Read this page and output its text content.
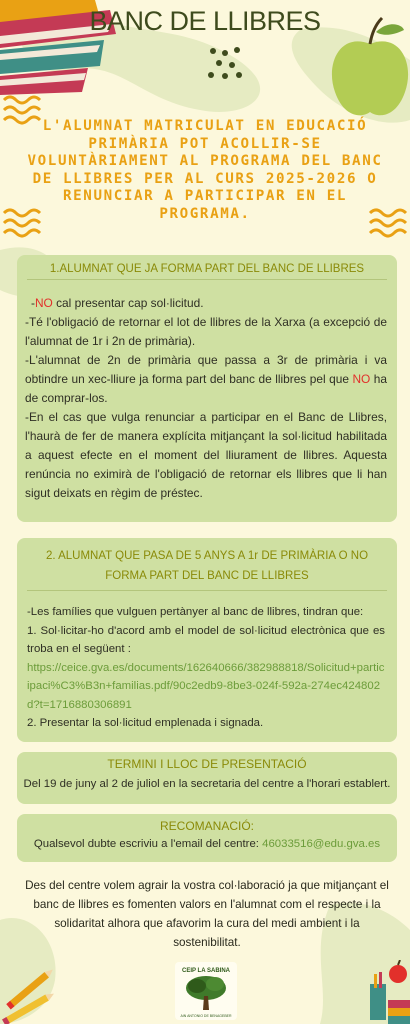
BANC DE LLIBRES
L'ALUMNAT MATRICULAT EN EDUCACIÓ PRIMÀRIA POT ACOLLIR-SE VOLUNTÀRIAMENT AL PROGRAMA DEL BANC DE LLIBRES PER AL CURS 2025-2026 O RENUNCIAR A PARTICIPAR EN EL PROGRAMA.
1.ALUMNAT QUE JA FORMA PART DEL BANC DE LLIBRES

-NO cal presentar cap sol·licitud.

-Té l'obligació de retornar el lot de llibres de la Xarxa (a excepció de l'alumnat de 1r i 2n de primària).

-L'alumnat de 2n de primària que passa a 3r de primària i va obtindre un xec-lliure ja forma part del banc de llibres pel que NO ha de comprar-los.

-En el cas que vulga renunciar a participar en el Banc de Llibres, l'haurà de fer de manera explícita mitjançant la sol·licitud habilitada a aquest efecte en el moment del lliurament de llibres. Aquesta renúncia no eximirà de l'obligació de retornar els llibres que li han sigut deixats en règim de préstec.

2. ALUMNAT QUE PASA DE 5 ANYS A 1r DE PRIMÀRIA O NO FORMA PART DEL BANC DE LLIBRES

-Les famílies que vulguen pertànyer al banc de llibres, tindran que:

1. Sol·licitar-ho d'acord amb el model de sol·licitud electrònica que es troba en el següent :

https://ceice.gva.es/documents/162640666/382988818/Solicitud+participaci%C3%B3n+familias.pdf/90c2edb9-8be3-024f-592a-274ec424802d?t=1716880306891

2. Presentar la sol·licitud emplenada i signada.

TERMINI I LLOC DE PRESENTACIÓ
Del 19 de juny al 2 de juliol en la secretaria del centre a l'horari establert.
RECOMANACIÓ:
Qualsevol dubte escriviu a l'email del centre: 46033516@edu.gva.es
Des del centre volem agrair la vostra col·laboració ja que mitjançant el banc de llibres es fomenten valors en l'alumnat com el respecte i la solidaritat alhora que afavorim la cura del medi ambient i la sostenibilitat.
CEIP LA SABINA
AIN ANTONIO DE BENAGEBER
